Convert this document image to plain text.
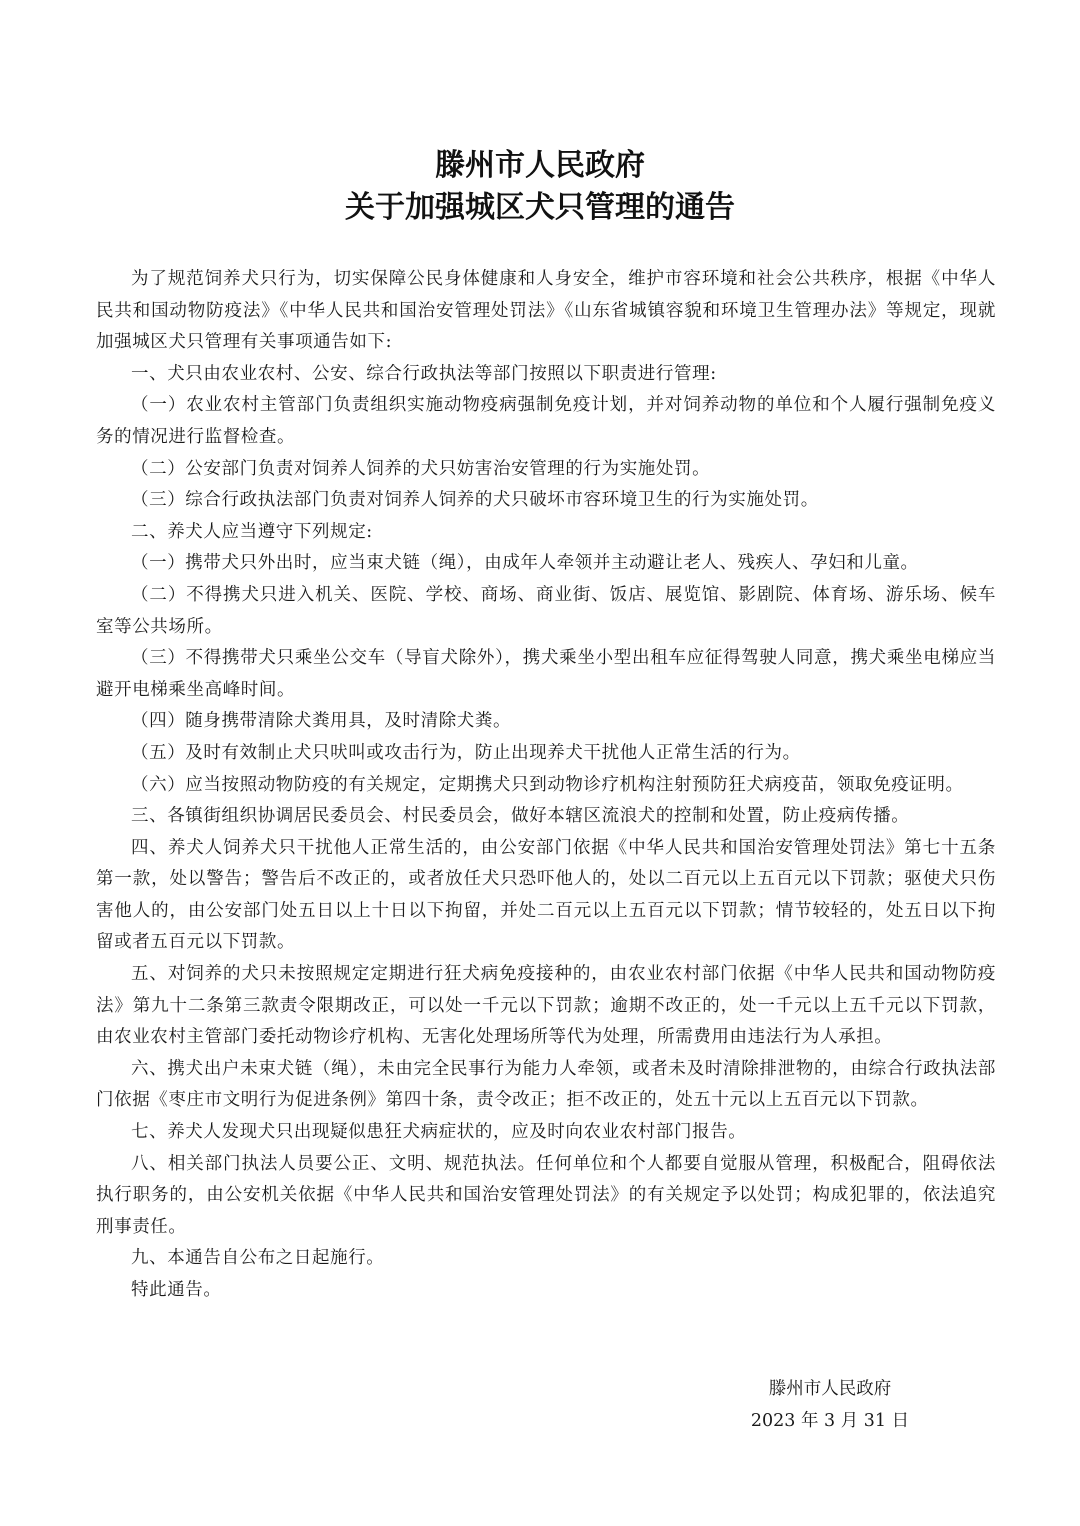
滕州市人民政府
关于加强城区犬只管理的通告

为了规范饲养犬只行为，切实保障公民身体健康和人身安全，维护市容环境和社会公共秩序，根据《中华人民共和国动物防疫法》《中华人民共和国治安管理处罚法》《山东省城镇容貌和环境卫生管理办法》等规定，现就加强城区犬只管理有关事项通告如下:

一、犬只由农业农村、公安、综合行政执法等部门按照以下职责进行管理:

（一）农业农村主管部门负责组织实施动物疫病强制免疫计划，并对饲养动物的单位和个人履行强制免疫义务的情况进行监督检查。

（二）公安部门负责对饲养人饲养的犬只妨害治安管理的行为实施处罚。

（三）综合行政执法部门负责对饲养人饲养的犬只破坏市容环境卫生的行为实施处罚。

二、养犬人应当遵守下列规定:

（一）携带犬只外出时，应当束犬链（绳），由成年人牵领并主动避让老人、残疾人、孕妇和儿童。

（二）不得携犬只进入机关、医院、学校、商场、商业街、饭店、展览馆、影剧院、体育场、游乐场、候车室等公共场所。

（三）不得携带犬只乘坐公交车（导盲犬除外），携犬乘坐小型出租车应征得驾驶人同意，携犬乘坐电梯应当避开电梯乘坐高峰时间。

（四）随身携带清除犬粪用具，及时清除犬粪。

（五）及时有效制止犬只吠叫或攻击行为，防止出现养犬干扰他人正常生活的行为。

（六）应当按照动物防疫的有关规定，定期携犬只到动物诊疗机构注射预防狂犬病疫苗，领取免疫证明。

三、各镇街组织协调居民委员会、村民委员会，做好本辖区流浪犬的控制和处置，防止疫病传播。

四、养犬人饲养犬只干扰他人正常生活的，由公安部门依据《中华人民共和国治安管理处罚法》第七十五条第一款，处以警告；警告后不改正的，或者放任犬只恐吓他人的，处以二百元以上五百元以下罚款；驱使犬只伤害他人的，由公安部门处五日以上十日以下拘留，并处二百元以上五百元以下罚款；情节较轻的，处五日以下拘留或者五百元以下罚款。

五、对饲养的犬只未按照规定定期进行狂犬病免疫接种的，由农业农村部门依据《中华人民共和国动物防疫法》第九十二条第三款责令限期改正，可以处一千元以下罚款；逾期不改正的，处一千元以上五千元以下罚款，由农业农村主管部门委托动物诊疗机构、无害化处理场所等代为处理，所需费用由违法行为人承担。

六、携犬出户未束犬链（绳），未由完全民事行为能力人牵领，或者未及时清除排泄物的，由综合行政执法部门依据《枣庄市文明行为促进条例》第四十条，责令改正；拒不改正的，处五十元以上五百元以下罚款。

七、养犬人发现犬只出现疑似患狂犬病症状的，应及时向农业农村部门报告。

八、相关部门执法人员要公正、文明、规范执法。任何单位和个人都要自觉服从管理，积极配合，阻碍依法执行职务的，由公安机关依据《中华人民共和国治安管理处罚法》的有关规定予以处罚；构成犯罪的，依法追究刑事责任。

九、本通告自公布之日起施行。

特此通告。

滕州市人民政府
2023 年 3 月 31 日
